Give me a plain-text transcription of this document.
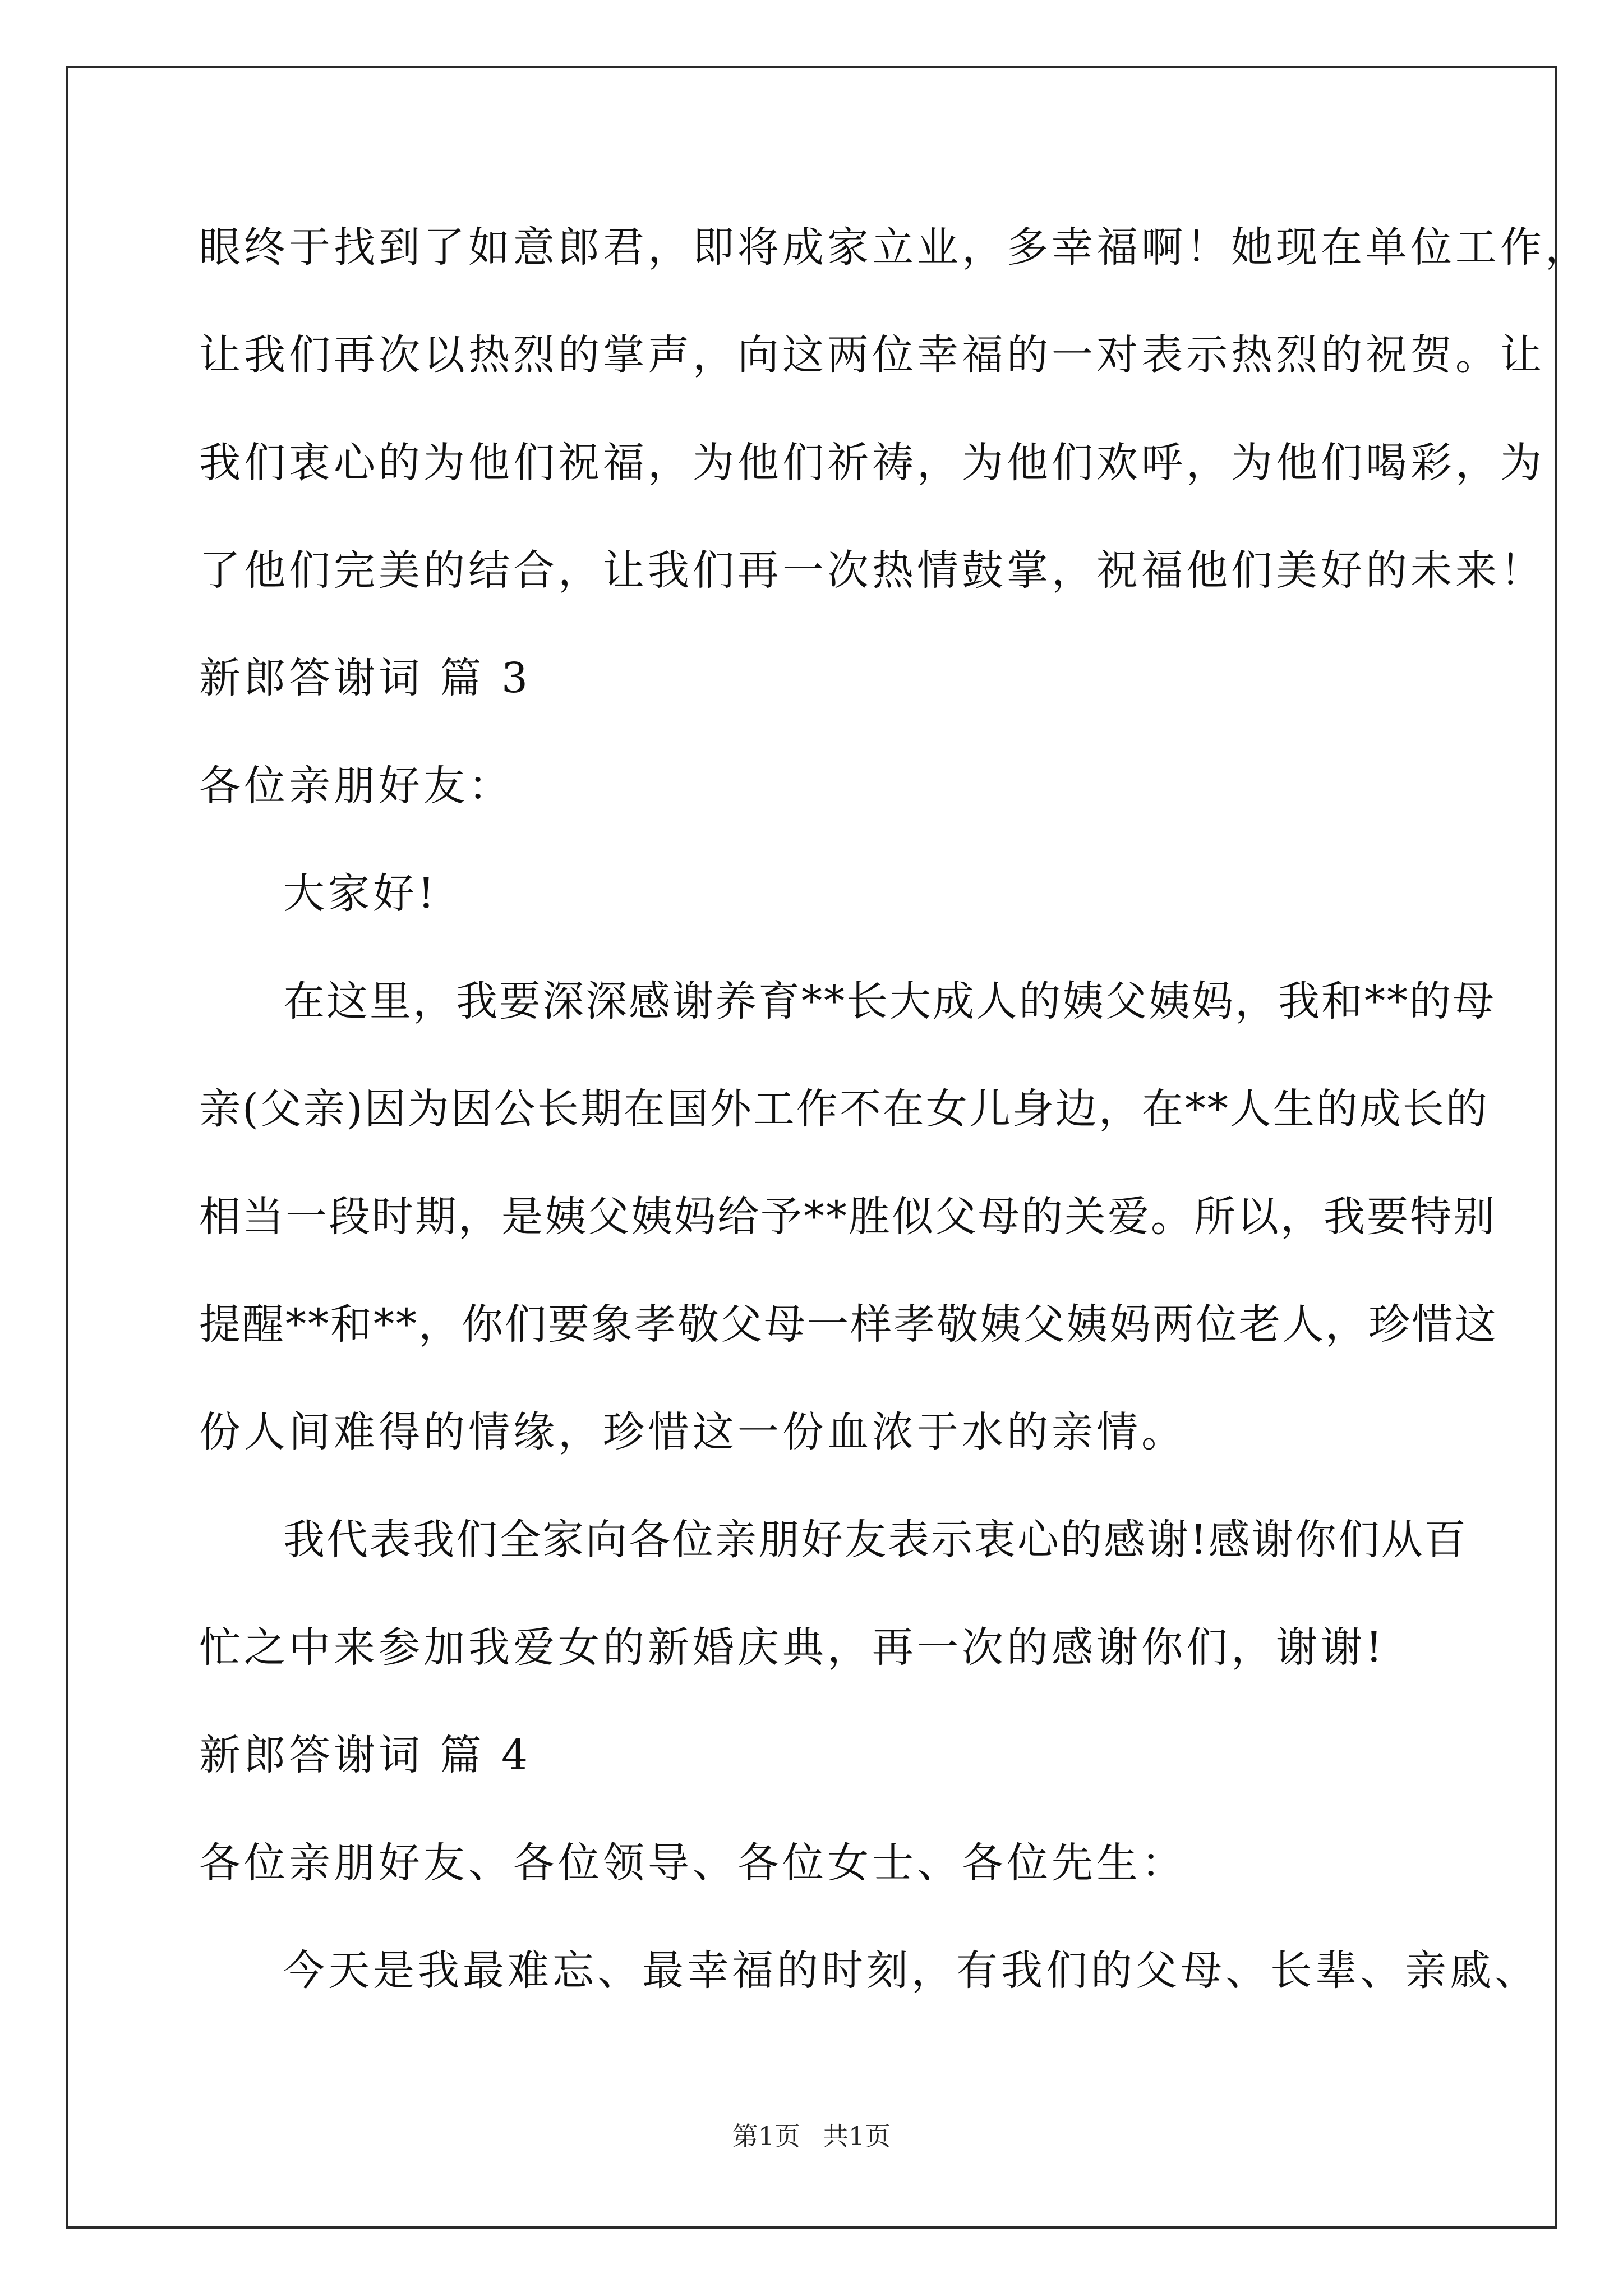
眼终于找到了如意郎君，即将成家立业，多幸福啊！她现在单位工作，
让我们再次以热烈的掌声，向这两位幸福的一对表示热烈的祝贺。让
我们衷心的为他们祝福，为他们祈祷，为他们欢呼，为他们喝彩，为
了他们完美的结合，让我们再一次热情鼓掌，祝福他们美好的未来！
新郎答谢词 篇 3
各位亲朋好友：
大家好!
在这里，我要深深感谢养育**长大成人的姨父姨妈，我和**的母
亲(父亲)因为因公长期在国外工作不在女儿身边，在**人生的成长的
相当一段时期，是姨父姨妈给予**胜似父母的关爱。所以，我要特别
提醒**和**，你们要象孝敬父母一样孝敬姨父姨妈两位老人，珍惜这
份人间难得的情缘，珍惜这一份血浓于水的亲情。
我代表我们全家向各位亲朋好友表示衷心的感谢!感谢你们从百
忙之中来参加我爱女的新婚庆典，再一次的感谢你们，谢谢!
新郎答谢词 篇 4
各位亲朋好友、各位领导、各位女士、各位先生：
今天是我最难忘、最幸福的时刻，有我们的父母、长辈、亲戚、
第1页 共1页
